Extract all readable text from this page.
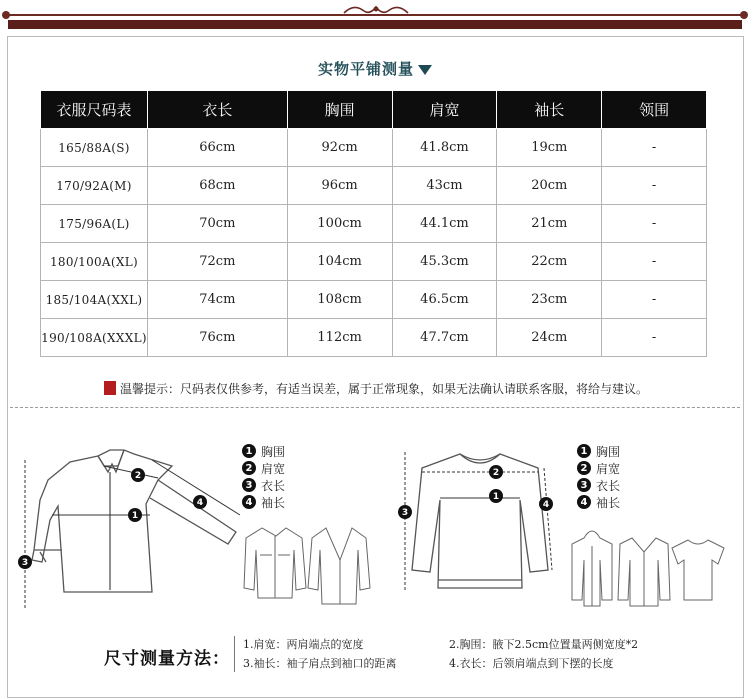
实物平铺测量
衣服尺码表	衣长	胸围	肩宽	袖长	领围
165/88A(S)	66cm	92cm	41.8cm	19cm	-
170/92A(M)	68cm	96cm	43cm	20cm	-
175/96A(L)	70cm	100cm	44.1cm	21cm	-
180/100A(XL)	72cm	104cm	45.3cm	22cm	-
185/104A(XXL)	74cm	108cm	46.5cm	23cm	-
190/108A(XXXL)	76cm	112cm	47.7cm	24cm	-
温馨提示：尺码表仅供参考，有适当误差，属于正常现象，如果无法确认请联系客服，将给与建议。
3
1
2
4
3
1
2
4
1 胸围
2 肩宽
3 衣长
4 袖长
1 胸围
2 肩宽
3 衣长
4 袖长
尺寸测量方法：
1.肩宽：两肩端点的宽度	2.胸围：腋下2.5cm位置量两侧宽度*2
3.袖长：袖子肩点到袖口的距离	4.衣长：后领肩端点到下摆的长度
